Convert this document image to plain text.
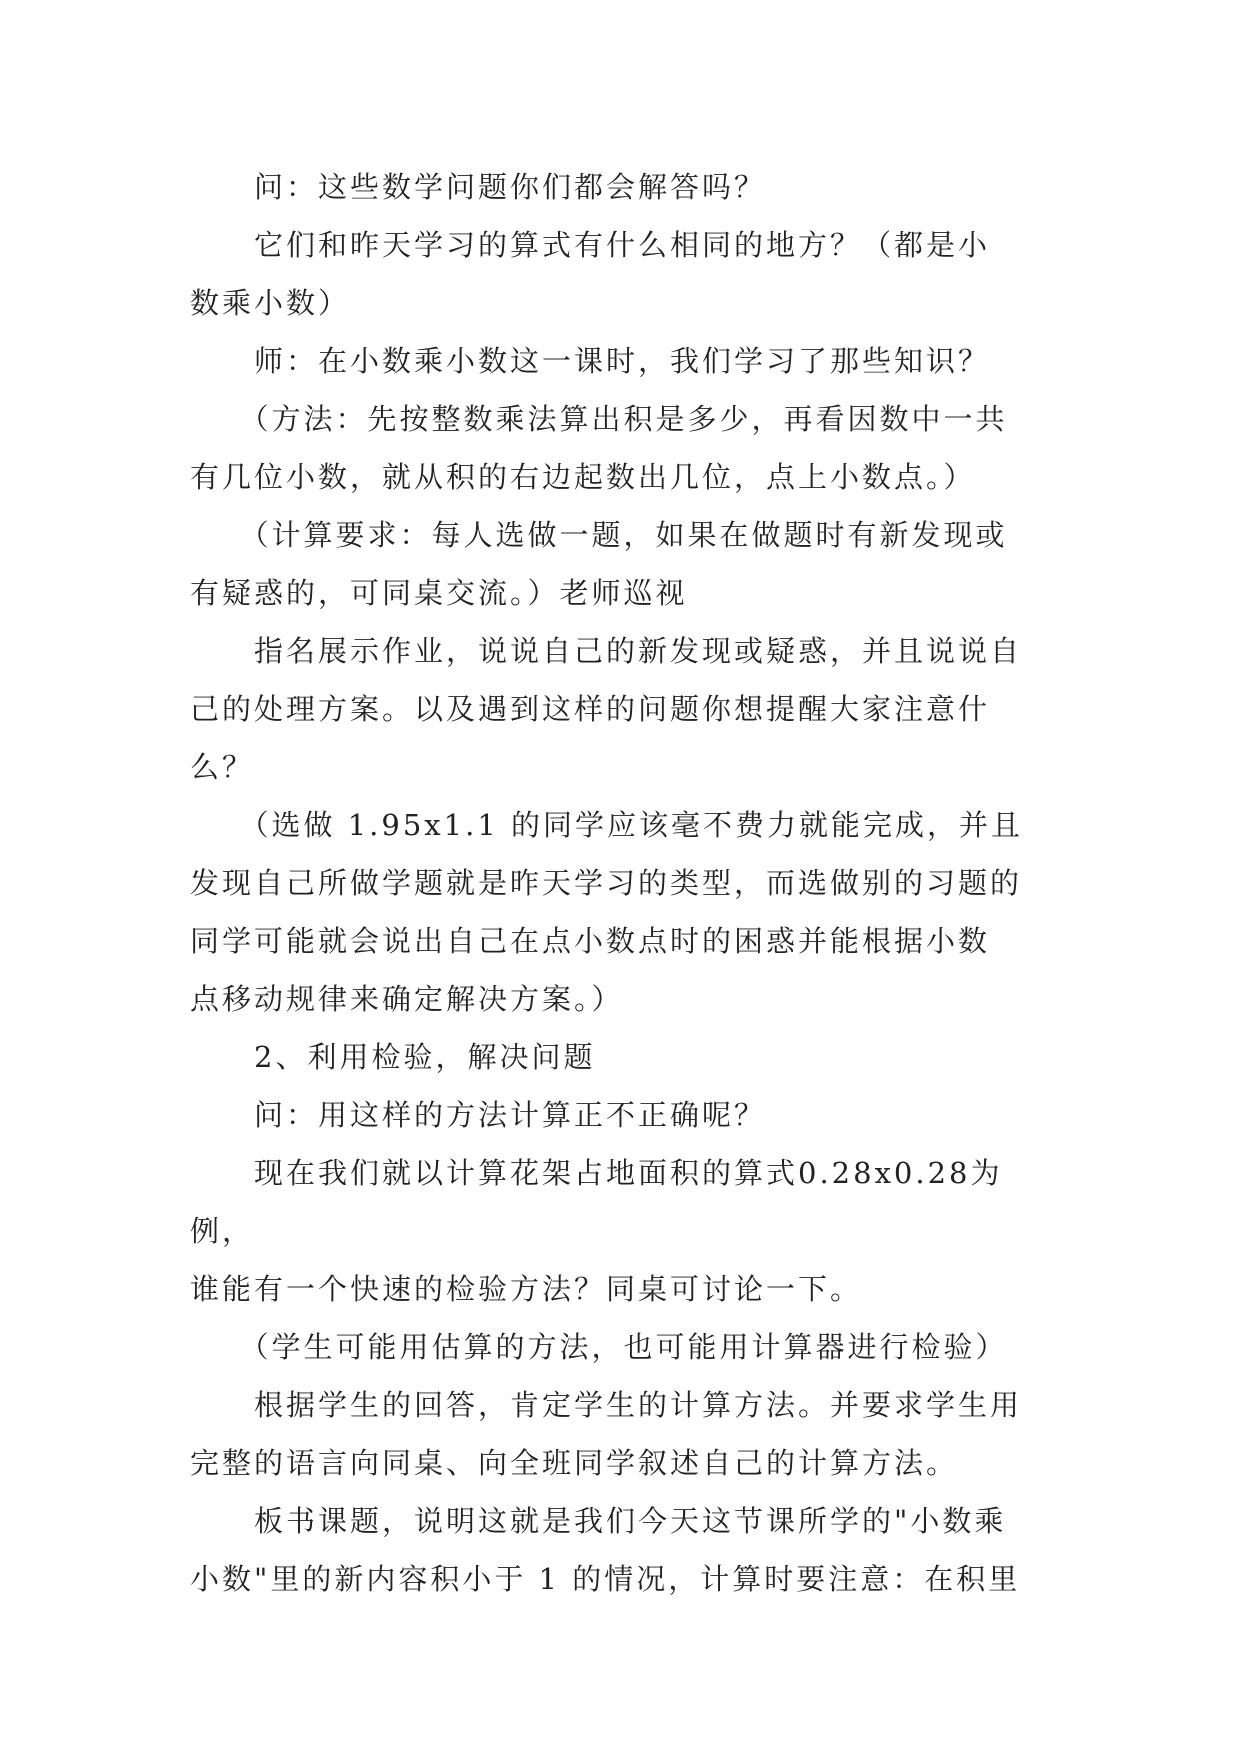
　　问：这些数学问题你们都会解答吗？

　　它们和昨天学习的算式有什么相同的地方？（都是小
数乘小数）

　　师：在小数乘小数这一课时，我们学习了那些知识？

　　（方法：先按整数乘法算出积是多少，再看因数中一共
有几位小数，就从积的右边起数出几位，点上小数点。）

　　（计算要求：每人选做一题，如果在做题时有新发现或
有疑惑的，可同桌交流。）老师巡视

　　指名展示作业，说说自己的新发现或疑惑，并且说说自
己的处理方案。以及遇到这样的问题你想提醒大家注意什
么？

　　（选做 1.95x1.1 的同学应该毫不费力就能完成，并且
发现自己所做学题就是昨天学习的类型，而选做别的习题的
同学可能就会说出自己在点小数点时的困惑并能根据小数
点移动规律来确定解决方案。）

　　2、利用检验，解决问题

　　问：用这样的方法计算正不正确呢？

　　现在我们就以计算花架占地面积的算式0.28x0.28为例，
谁能有一个快速的检验方法？同桌可讨论一下。

　　（学生可能用估算的方法，也可能用计算器进行检验）

　　根据学生的回答，肯定学生的计算方法。并要求学生用
完整的语言向同桌、向全班同学叙述自己的计算方法。

　　板书课题，说明这就是我们今天这节课所学的"小数乘
小数"里的新内容积小于 1 的情况，计算时要注意：在积里
